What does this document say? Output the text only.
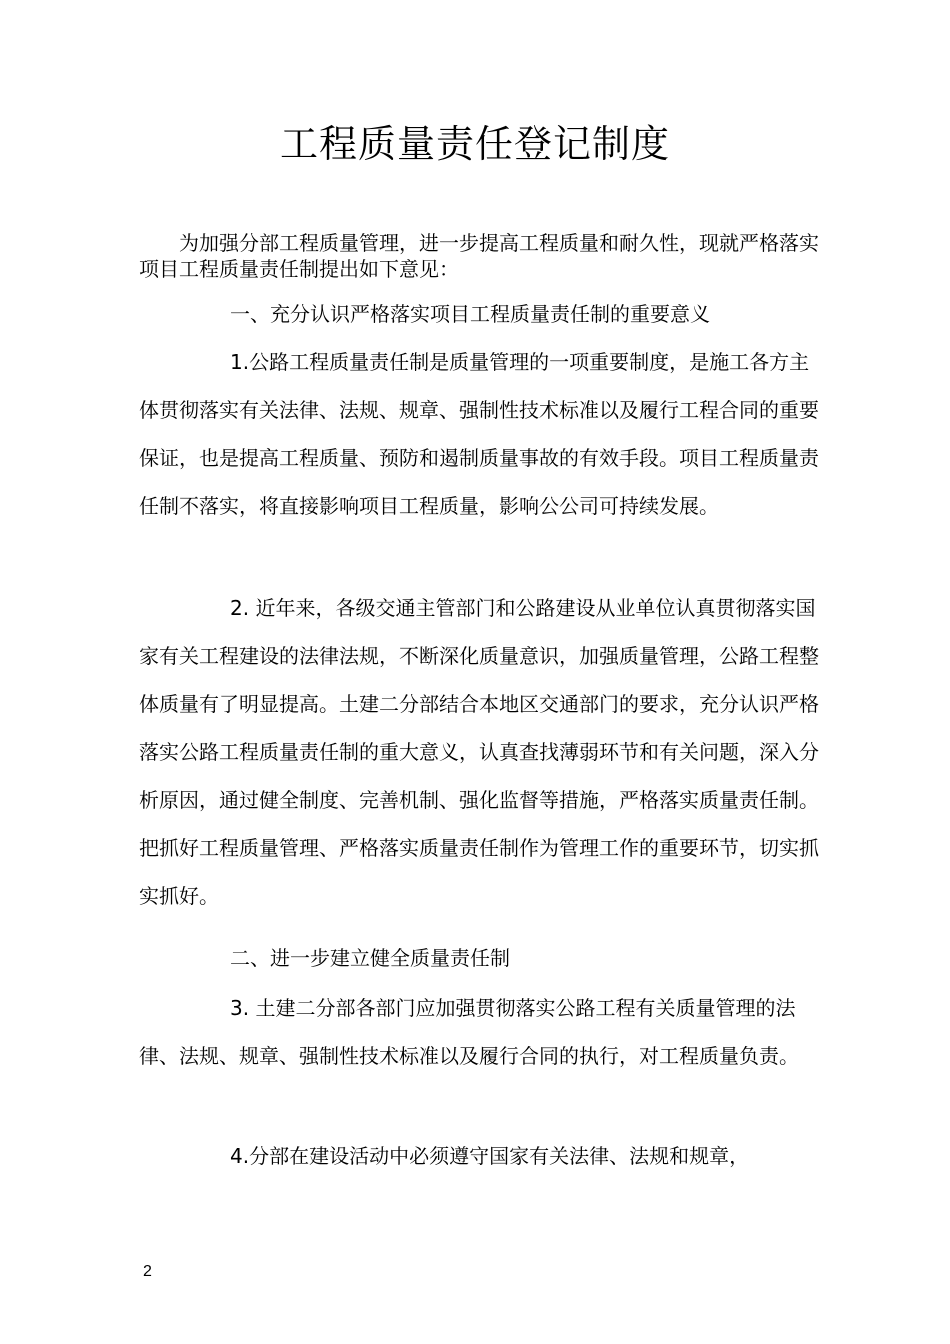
工程质量责任登记制度

为加强分部工程质量管理，进一步提高工程质量和耐久性，现就严格落实项目工程质量责任制提出如下意见：

一、充分认识严格落实项目工程质量责任制的重要意义

1.公路工程质量责任制是质量管理的一项重要制度，是施工各方主体贯彻落实有关法律、法规、规章、强制性技术标准以及履行工程合同的重要保证，也是提高工程质量、预防和遏制质量事故的有效手段。项目工程质量责任制不落实，将直接影响项目工程质量，影响公公司可持续发展。

2. 近年来，各级交通主管部门和公路建设从业单位认真贯彻落实国家有关工程建设的法律法规，不断深化质量意识，加强质量管理，公路工程整体质量有了明显提高。土建二分部结合本地区交通部门的要求，充分认识严格落实公路工程质量责任制的重大意义，认真查找薄弱环节和有关问题，深入分析原因，通过健全制度、完善机制、强化监督等措施，严格落实质量责任制。把抓好工程质量管理、严格落实质量责任制作为管理工作的重要环节，切实抓实抓好。

二、进一步建立健全质量责任制

3. 土建二分部各部门应加强贯彻落实公路工程有关质量管理的法律、法规、规章、强制性技术标准以及履行合同的执行，对工程质量负责。

4.分部在建设活动中必须遵守国家有关法律、法规和规章，

2
